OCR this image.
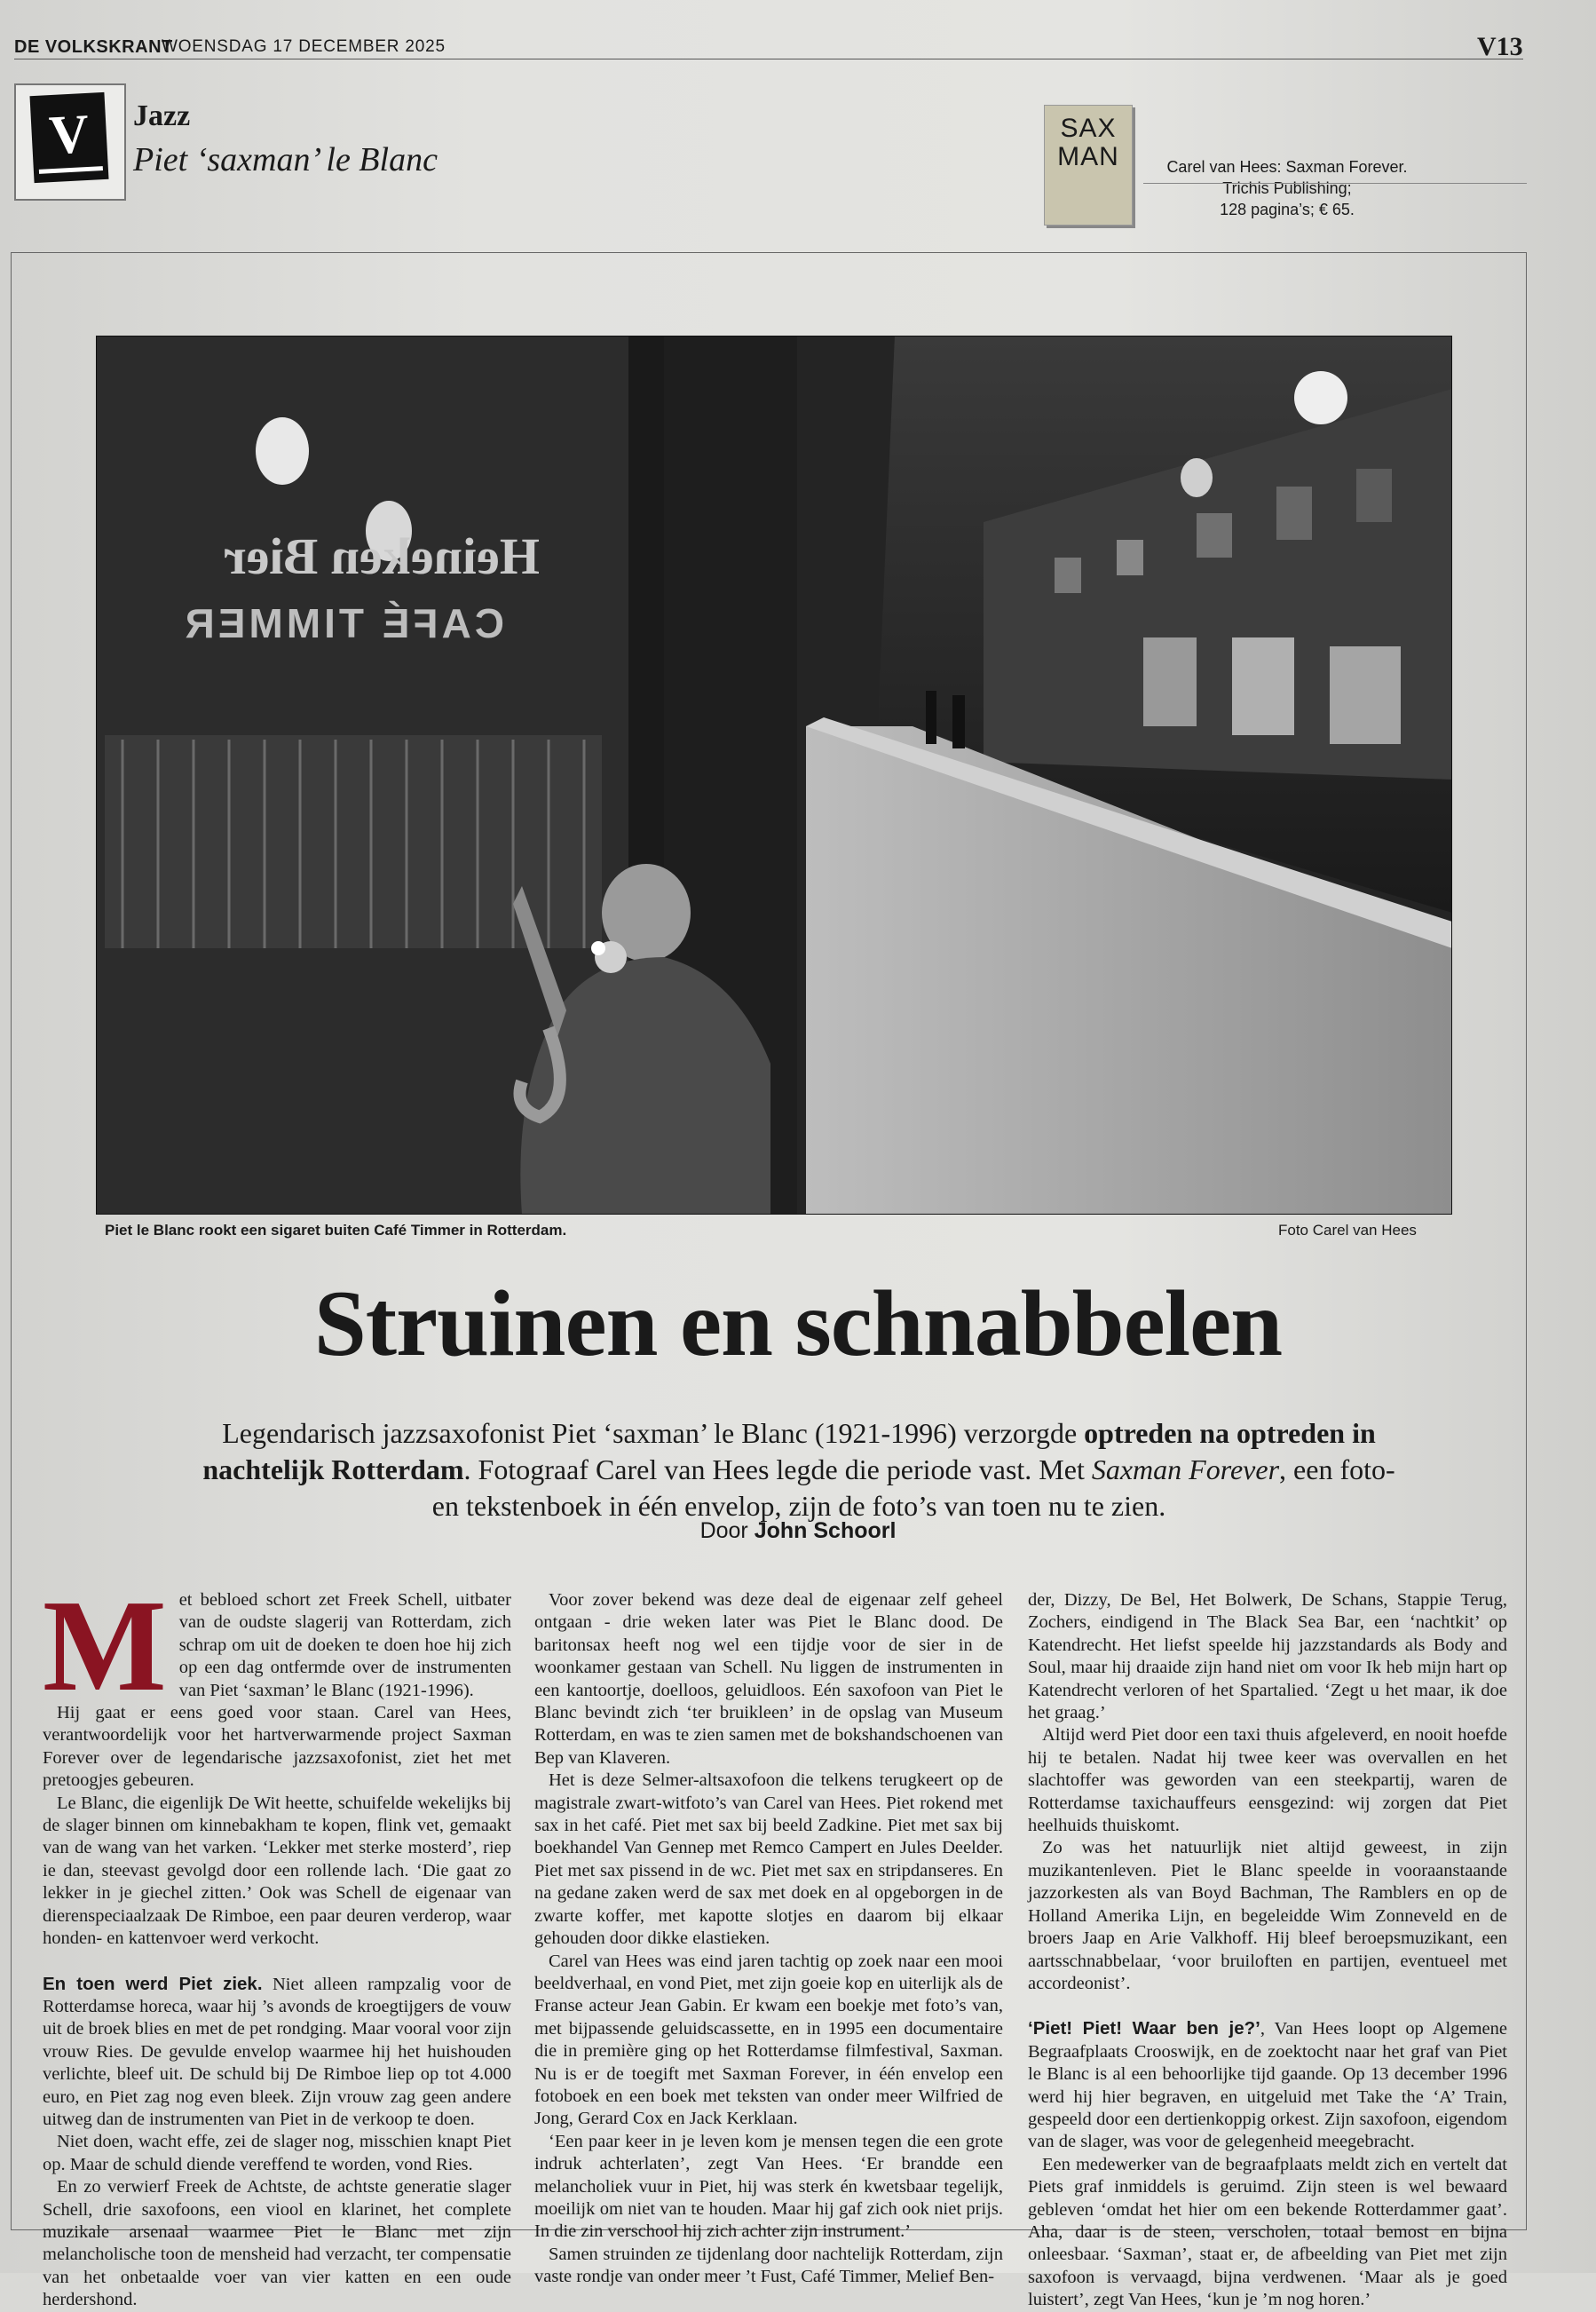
DE VOLKSKRANT
WOENSDAG 17 DECEMBER 2025	V13
V	Jazz
Piet ‘saxman’ le Blanc
SAX MAN	Carel van Hees: Saxman Forever. Trichis Publishing;
128 pagina’s; € 65.
Heineken Bier
CAFÉ TIMMER
Piet le Blanc rookt een sigaret buiten Café Timmer in Rotterdam.	Foto Carel van Hees
Struinen en schnabbelen
Legendarisch jazzsaxofonist Piet ‘saxman’ le Blanc (1921-1996) verzorgde optreden na optreden in nachtelijk Rotterdam. Fotograaf Carel van Hees legde die periode vast. Met Saxman Forever, een foto- en tekstenboek in één envelop, zijn de foto’s van toen nu te zien.
Door John Schoorl
M et bebloed schort zet Freek Schell, uitbater van de oudste slagerij van Rotterdam, zich schrap om uit de doeken te doen hoe hij zich op een dag ontfermde over de instrumenten van Piet ‘saxman’ le Blanc (1921-1996).

Hij gaat er eens goed voor staan. Carel van Hees, verantwoordelijk voor het hartverwarmende project Saxman Forever over de legendarische jazzsaxofonist, ziet het met pretoogjes gebeuren.

Le Blanc, die eigenlijk De Wit heette, schuifelde wekelijks bij de slager binnen om kinnebakham te kopen, flink vet, gemaakt van de wang van het varken. ‘Lekker met sterke mosterd’, riep ie dan, steevast gevolgd door een rollende lach. ‘Die gaat zo lekker in je giechel zitten.’ Ook was Schell de eigenaar van dierenspeciaalzaak De Rimboe, een paar deuren verderop, waar honden- en kattenvoer werd verkocht.

En toen werd Piet ziek. Niet alleen rampzalig voor de Rotterdamse horeca, waar hij ’s avonds de kroegtijgers de vouw uit de broek blies en met de pet rondging. Maar vooral voor zijn vrouw Ries. De gevulde envelop waarmee hij het huishouden verlichte, bleef uit. De schuld bij De Rimboe liep op tot 4.000 euro, en Piet zag nog even bleek. Zijn vrouw zag geen andere uitweg dan de instrumenten van Piet in de verkoop te doen.

Niet doen, wacht effe, zei de slager nog, misschien knapt Piet op. Maar de schuld diende vereffend te worden, vond Ries.

En zo verwierf Freek de Achtste, de achtste generatie slager Schell, drie saxofoons, een viool en klarinet, het complete muzikale arsenaal waarmee Piet le Blanc met zijn melancholische toon de mensheid had verzacht, ter compensatie van het onbetaalde voer van vier katten en een oude herdershond.

Voor zover bekend was deze deal de eigenaar zelf geheel ontgaan - drie weken later was Piet le Blanc dood. De baritonsax heeft nog wel een tijdje voor de sier in de woonkamer gestaan van Schell. Nu liggen de instrumenten in een kantoortje, doelloos, geluidloos. Eén saxofoon van Piet le Blanc bevindt zich ‘ter bruikleen’ in de opslag van Museum Rotterdam, en was te zien samen met de bokshandschoenen van Bep van Klaveren.

Het is deze Selmer-altsaxofoon die telkens terugkeert op de magistrale zwart-witfoto’s van Carel van Hees. Piet rokend met sax in het café. Piet met sax bij beeld Zadkine. Piet met sax bij boekhandel Van Gennep met Remco Campert en Jules Deelder. Piet met sax pissend in de wc. Piet met sax en stripdanseres. En na gedane zaken werd de sax met doek en al opgeborgen in de zwarte koffer, met kapotte slotjes en daarom bij elkaar gehouden door dikke elastieken.

Carel van Hees was eind jaren tachtig op zoek naar een mooi beeldverhaal, en vond Piet, met zijn goeie kop en uiterlijk als de Franse acteur Jean Gabin. Er kwam een boekje met foto’s van, met bijpassende geluidscassette, en in 1995 een documentaire die in première ging op het Rotterdamse filmfestival, Saxman. Nu is er de toegift met Saxman Forever, in één envelop een fotoboek en een boek met teksten van onder meer Wilfried de Jong, Gerard Cox en Jack Kerklaan.

‘Een paar keer in je leven kom je mensen tegen die een grote indruk achterlaten’, zegt Van Hees. ‘Er brandde een melancholiek vuur in Piet, hij was sterk én kwetsbaar tegelijk, moeilijk om niet van te houden. Maar hij gaf zich ook niet prijs. In die zin verschool hij zich achter zijn instrument.’

Samen struinden ze tijdenlang door nachtelijk Rotterdam, zijn vaste rondje van onder meer ’t Fust, Café Timmer, Melief Ben-

der, Dizzy, De Bel, Het Bolwerk, De Schans, Stappie Terug, Zochers, eindigend in The Black Sea Bar, een ‘nachtkit’ op Katendrecht. Het liefst speelde hij jazzstandards als Body and Soul, maar hij draaide zijn hand niet om voor Ik heb mijn hart op Katendrecht verloren of het Spartalied. ‘Zegt u het maar, ik doe het graag.’

Altijd werd Piet door een taxi thuis afgeleverd, en nooit hoefde hij te betalen. Nadat hij twee keer was overvallen en het slachtoffer was geworden van een steekpartij, waren de Rotterdamse taxichauffeurs eensgezind: wij zorgen dat Piet heelhuids thuiskomt.

Zo was het natuurlijk niet altijd geweest, in zijn muzikantenleven. Piet le Blanc speelde in vooraanstaande jazzorkesten als van Boyd Bachman, The Ramblers en op de Holland Amerika Lijn, en begeleidde Wim Zonneveld en de broers Jaap en Arie Valkhoff. Hij bleef beroepsmuzikant, een aartsschnabbelaar, ‘voor bruiloften en partijen, eventueel met accordeonist’.

‘Piet! Piet! Waar ben je?’, Van Hees loopt op Algemene Begraafplaats Crooswijk, en de zoektocht naar het graf van Piet le Blanc is al een behoorlijke tijd gaande. Op 13 december 1996 werd hij hier begraven, en uitgeluid met Take the ‘A’ Train, gespeeld door een dertienkoppig orkest. Zijn saxofoon, eigendom van de slager, was voor de gelegenheid meegebracht.

Een medewerker van de begraafplaats meldt zich en vertelt dat Piets graf inmiddels is geruimd. Zijn steen is wel bewaard gebleven ‘omdat het hier om een bekende Rotterdammer gaat’. Aha, daar is de steen, verscholen, totaal bemost en bijna onleesbaar. ‘Saxman’, staat er, de afbeelding van Piet met zijn saxofoon is vervaagd, bijna verdwenen. ‘Maar als je goed luistert’, zegt Van Hees, ‘kun je ’m nog horen.’
